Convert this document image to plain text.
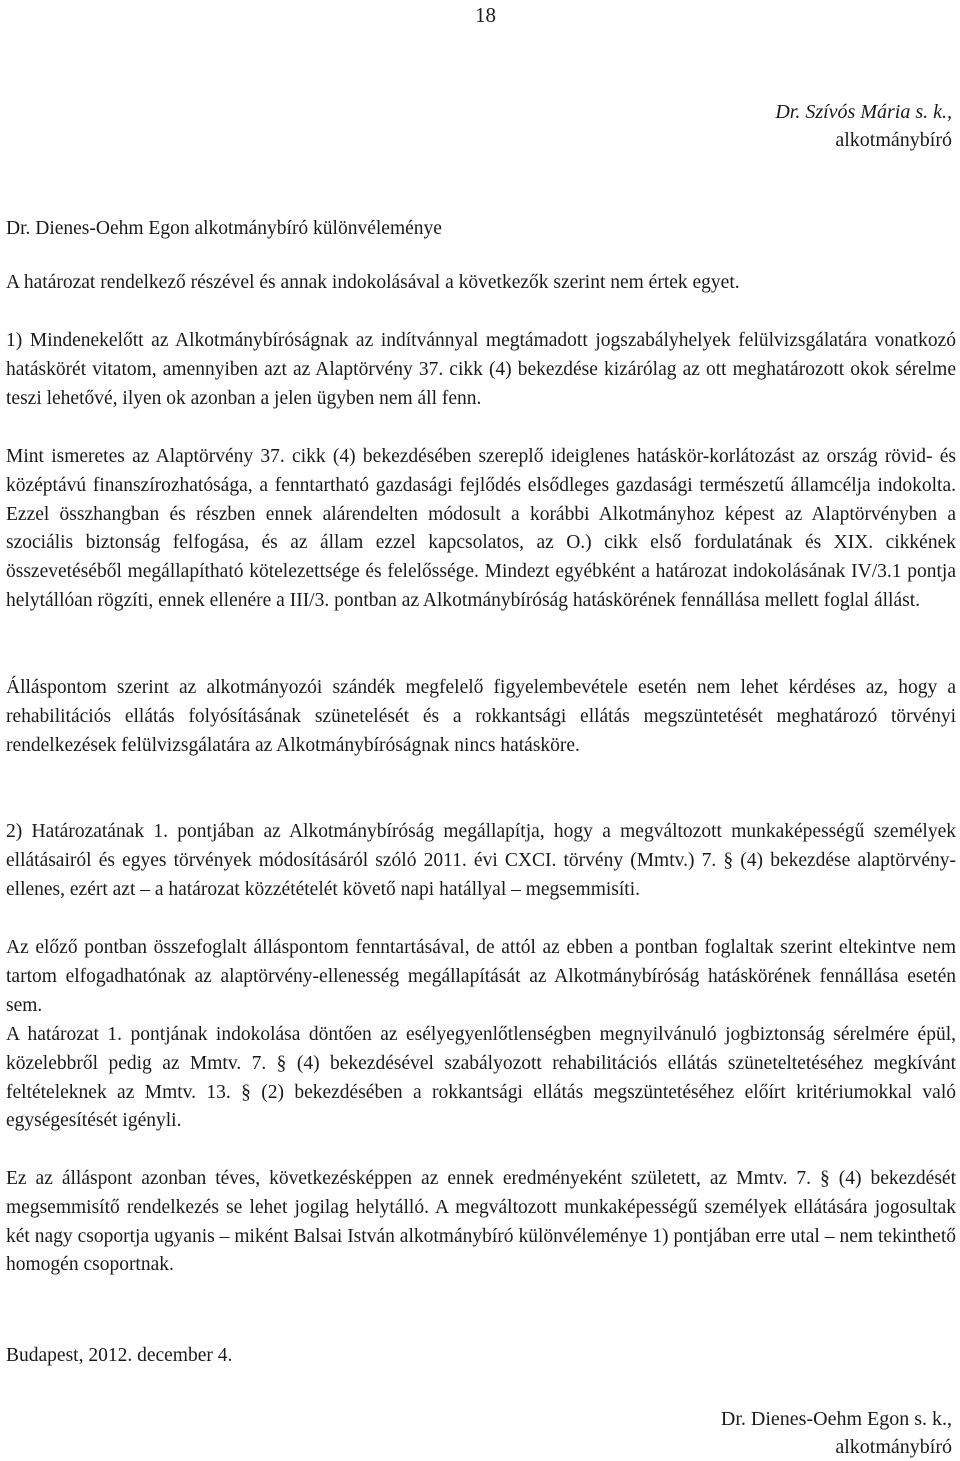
18
Dr. Szívós Mária s. k.,
alkotmánybíró
Dr. Dienes-Oehm Egon alkotmánybíró különvéleménye
A határozat rendelkező részével és annak indokolásával a következők szerint nem értek egyet.

1) Mindenekelőtt az Alkotmánybíróságnak az indítvánnyal megtámadott jogszabályhelyek felülvizsgálatára vonatkozó hatáskörét vitatom, amennyiben azt az Alaptörvény 37. cikk (4) bekezdése kizárólag az ott meghatározott okok sérelme teszi lehetővé, ilyen ok azonban a jelen ügyben nem áll fenn.

Mint ismeretes az Alaptörvény 37. cikk (4) bekezdésében szereplő ideiglenes hatáskör-korlátozást az ország rövid- és középtávú finanszírozhatósága, a fenntartható gazdasági fejlődés elsődleges gazdasági természetű államcélja indokolta. Ezzel összhangban és részben ennek alárendelten módosult a korábbi Alkotmányhoz képest az Alaptörvényben a szociális biztonság felfogása, és az állam ezzel kapcsolatos, az O.) cikk első fordulatának és XIX. cikkének összevetéséből megállapítható kötelezettsége és felelőssége. Mindezt egyébként a határozat indokolásának IV/3.1 pontja helytállóan rögzíti, ennek ellenére a III/3. pontban az Alkotmánybíróság hatáskörének fennállása mellett foglal állást.

Álláspontom szerint az alkotmányozói szándék megfelelő figyelembevétele esetén nem lehet kérdéses az, hogy a rehabilitációs ellátás folyósításának szünetelését és a rokkantsági ellátás megszüntetését meghatározó törvényi rendelkezések felülvizsgálatára az Alkotmánybíróságnak nincs hatásköre.

2) Határozatának 1. pontjában az Alkotmánybíróság megállapítja, hogy a megváltozott munkaképességű személyek ellátásairól és egyes törvények módosításáról szóló 2011. évi CXCI. törvény (Mmtv.) 7. § (4) bekezdése alaptörvény-ellenes, ezért azt – a határozat közzétételét követő napi hatállyal – megsemmisíti.

Az előző pontban összefoglalt álláspontom fenntartásával, de attól az ebben a pontban foglaltak szerint eltekintve nem tartom elfogadhatónak az alaptörvény-ellenesség megállapítását az Alkotmánybíróság hatáskörének fennállása esetén sem.

A határozat 1. pontjának indokolása döntően az esélyegyenlőtlenségben megnyilvánuló jogbiztonság sérelmére épül, közelebbről pedig az Mmtv. 7. § (4) bekezdésével szabályozott rehabilitációs ellátás szüneteltetéséhez megkívánt feltételeknek az Mmtv. 13. § (2) bekezdésében a rokkantsági ellátás megszüntetéséhez előírt kritériumokkal való egységesítését igényli.

Ez az álláspont azonban téves, következésképpen az ennek eredményeként született, az Mmtv. 7. § (4) bekezdését megsemmisítő rendelkezés se lehet jogilag helytálló. A megváltozott munkaképességű személyek ellátására jogosultak két nagy csoportja ugyanis – miként Balsai István alkotmánybíró különvéleménye 1) pontjában erre utal – nem tekinthető homogén csoportnak.

Budapest, 2012. december 4.
Dr. Dienes-Oehm Egon s. k.,
alkotmánybíró
